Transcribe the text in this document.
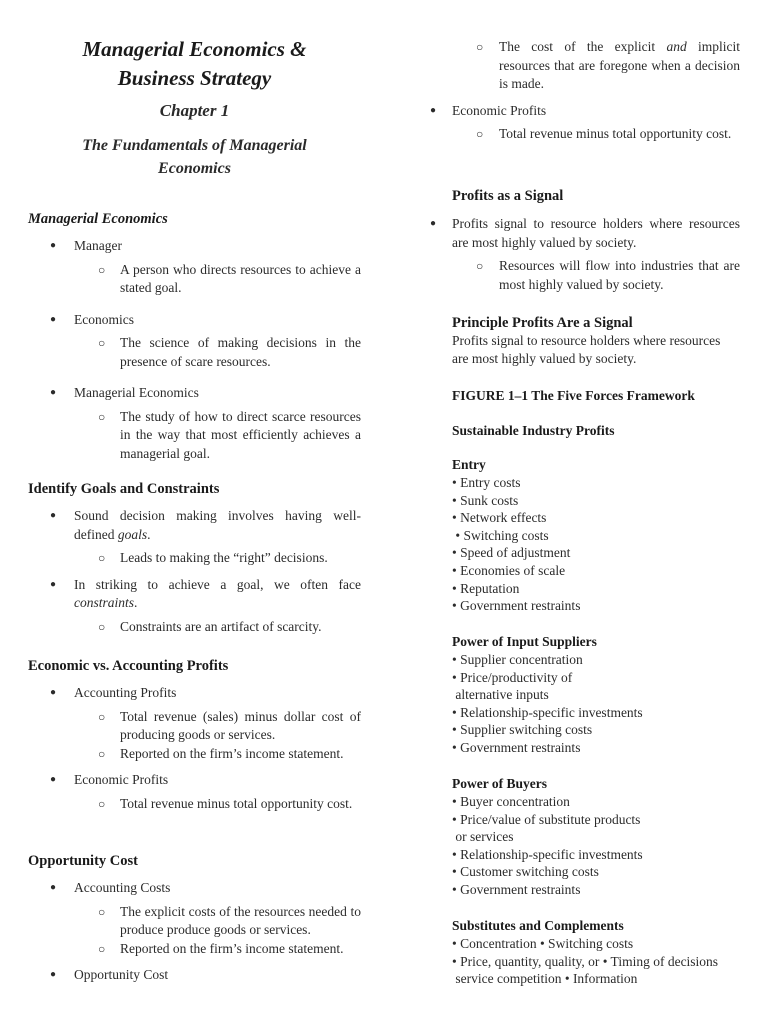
Managerial Economics &

Business Strategy

Chapter 1

The Fundamentals of Managerial

Economics

Managerial Economics

● Manager

○ A person who directs resources to achieve a stated goal.

● Economics

○ The science of making decisions in the presence of scare resources.

● Managerial Economics

○ The study of how to direct scarce resources in the way that most efficiently achieves a managerial goal.

Identify Goals and Constraints

● Sound decision making involves having well-defined goals.

○ Leads to making the “right” decisions.

● In striking to achieve a goal, we often face constraints.

○ Constraints are an artifact of scarcity.

Economic vs. Accounting Profits

● Accounting Profits

○ Total revenue (sales) minus dollar cost of producing goods or services.

○ Reported on the firm’s income statement.

● Economic Profits

○ Total revenue minus total opportunity cost.

Opportunity Cost

● Accounting Costs

○ The explicit costs of the resources needed to produce produce goods or services.

○ Reported on the firm’s income statement.

● Opportunity Cost

○ The cost of the explicit and implicit resources that are foregone when a decision is made.

● Economic Profits

○ Total revenue minus total opportunity cost.

Profits as a Signal

● Profits signal to resource holders where resources are most highly valued by society.

○ Resources will flow into industries that are most highly valued by society.

Principle Profits Are a Signal

Profits signal to resource holders where resources are most highly valued by society.

FIGURE 1–1 The Five Forces Framework

Sustainable Industry Profits

Entry

• Entry costs

• Sunk costs

• Network effects

• Switching costs

• Speed of adjustment

• Economies of scale

• Reputation

• Government restraints

Power of Input Suppliers

• Supplier concentration

• Price/productivity of

alternative inputs

• Relationship-specific investments

• Supplier switching costs

• Government restraints

Power of Buyers

• Buyer concentration

• Price/value of substitute products

or services

• Relationship-specific investments

• Customer switching costs

• Government restraints

Substitutes and Complements

• Concentration • Switching costs

• Price, quantity, quality, or • Timing of decisions

service competition • Information
